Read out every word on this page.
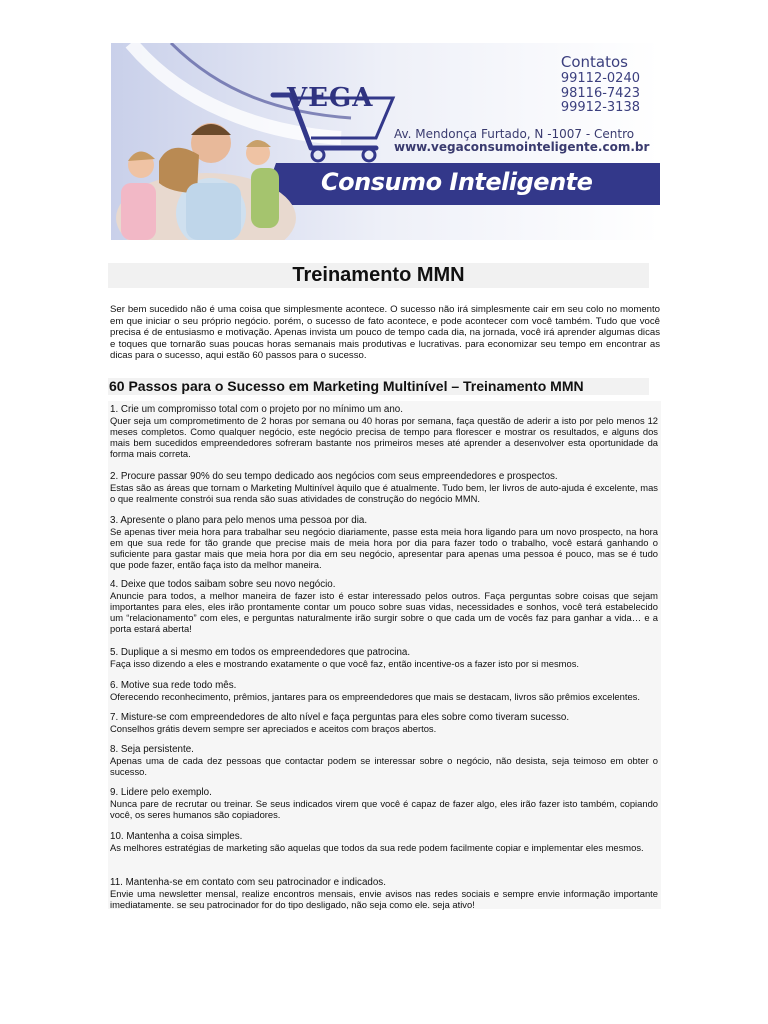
VEGA
Contatos
99112-0240
98116-7423
99912-3138
Av. Mendonça Furtado, N -1007 - Centro
www.vegaconsumointeligente.com.br
Consumo Inteligente
Treinamento MMN
Ser bem sucedido não é uma coisa que simplesmente acontece. O sucesso não irá simplesmente cair em seu colo no momento em que iniciar o seu próprio negócio. porém, o sucesso de fato acontece, e pode acontecer com você também. Tudo que você precisa é de entusiasmo e motivação. Apenas invista um pouco de tempo cada dia, na jornada, você irá aprender algumas dicas e toques que tornarão suas poucas horas semanais mais produtivas e lucrativas. para economizar seu tempo em encontrar as dicas para o sucesso, aqui estão 60 passos para o sucesso.
60 Passos para o Sucesso em Marketing Multinível – Treinamento MMN
1. Crie um compromisso total com o projeto por no mínimo um ano.
Quer seja um comprometimento de 2 horas por semana ou 40 horas por semana, faça questão de aderir a isto por pelo menos 12 meses completos. Como qualquer negócio, este negócio precisa de tempo para florescer e mostrar os resultados, e alguns dos mais bem sucedidos empreendedores sofreram bastante nos primeiros meses até aprender a desenvolver esta oportunidade da forma mais correta.
2. Procure passar 90% do seu tempo dedicado aos negócios com seus empreendedores e prospectos.
Estas são as áreas que tornam o Marketing Multinível àquilo que é atualmente. Tudo bem, ler livros de auto-ajuda é excelente, mas o que realmente constrói sua renda são suas atividades de construção do negócio MMN.
3. Apresente o plano para pelo menos uma pessoa por dia.
Se apenas tiver meia hora para trabalhar seu negócio diariamente, passe esta meia hora ligando para um novo prospecto, na hora em que sua rede for tão grande que precise mais de meia hora por dia para fazer todo o trabalho, você estará ganhando o suficiente para gastar mais que meia hora por dia em seu negócio, apresentar para apenas uma pessoa é pouco, mas se é tudo que pode fazer, então faça isto da melhor maneira.
4. Deixe que todos saibam sobre seu novo negócio.
Anuncie para todos, a melhor maneira de fazer isto é estar interessado pelos outros. Faça perguntas sobre coisas que sejam importantes para eles, eles irão prontamente contar um pouco sobre suas vidas, necessidades e sonhos, você terá estabelecido um “relacionamento” com eles, e perguntas naturalmente irão surgir sobre o que cada um de vocês faz para ganhar a vida… e a porta estará aberta!
5. Duplique a si mesmo em todos os empreendedores que patrocina.
Faça isso dizendo a eles e mostrando exatamente o que você faz, então incentive-os a fazer isto por si mesmos.
6. Motive sua rede todo mês.
Oferecendo reconhecimento, prêmios, jantares para os empreendedores que mais se destacam, livros são prêmios excelentes.
7. Misture-se com empreendedores de alto nível e faça perguntas para eles sobre como tiveram sucesso.
Conselhos grátis devem sempre ser apreciados e aceitos com braços abertos.
8. Seja persistente.
Apenas uma de cada dez pessoas que contactar podem se interessar sobre o negócio, não desista, seja teimoso em obter o sucesso.
9. Lidere pelo exemplo.
Nunca pare de recrutar ou treinar. Se seus indicados virem que você é capaz de fazer algo, eles irão fazer isto também, copiando você, os seres humanos são copiadores.
10. Mantenha a coisa simples.
As melhores estratégias de marketing são aquelas que todos da sua rede podem facilmente copiar e implementar eles mesmos.
11. Mantenha-se em contato com seu patrocinador e indicados.
Envie uma newsletter mensal, realize encontros mensais, envie avisos nas redes sociais e sempre envie informação importante imediatamente. se seu patrocinador for do tipo desligado, não seja como ele. seja ativo!
